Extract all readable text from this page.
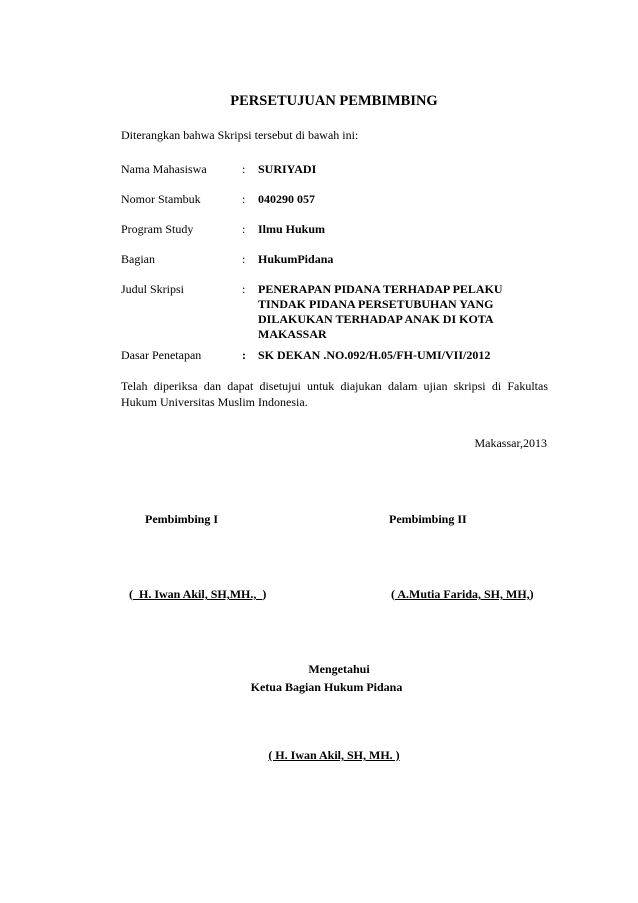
PERSETUJUAN PEMBIMBING
Diterangkan bahwa Skripsi tersebut di bawah ini:
Nama Mahasiswa	: SURIYADI
Nomor Stambuk	: 040290 057
Program Study	: Ilmu Hukum
Bagian	: HukumPidana
Judul Skripsi	: PENERAPAN PIDANA TERHADAP PELAKU TINDAK PIDANA PERSETUBUHAN YANG DILAKUKAN TERHADAP ANAK DI KOTA MAKASSAR
Dasar Penetapan	: SK DEKAN .NO.092/H.05/FH-UMI/VII/2012
Telah diperiksa dan dapat disetujui untuk diajukan dalam ujian skripsi di Fakultas Hukum Universitas Muslim Indonesia.
Makassar,2013
Pembimbing I	Pembimbing II
(  H. Iwan Akil, SH,MH.,  )	( A.Mutia Farida, SH, MH,)
Mengetahui
Ketua Bagian Hukum Pidana
( H. Iwan Akil, SH, MH. )
